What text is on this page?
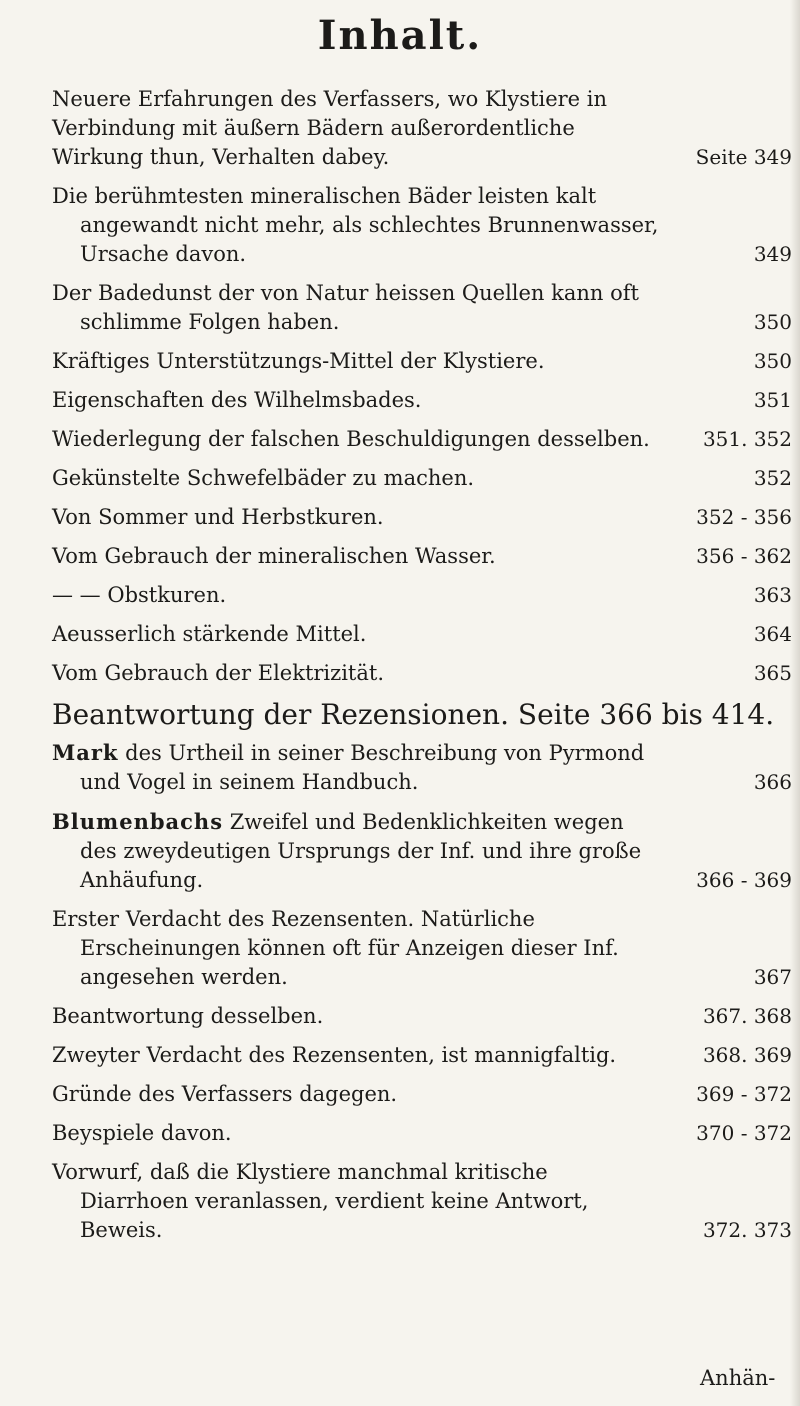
Inhalt.
Neuere Erfahrungen des Verfassers, wo Klystiere in Verbindung mit äußern Bädern außerordentliche Wirkung thun, Verhalten dabey.	Seite 349
Die berühmtesten mineralischen Bäder leisten kalt angewandt nicht mehr, als schlechtes Brunnenwasser, Ursache davon.	349
Der Badedunst der von Natur heissen Quellen kann oft schlimme Folgen haben.	350
Kräftiges Unterstützungs-Mittel der Klystiere.	350
Eigenschaften des Wilhelmsbades.	351
Wiederlegung der falschen Beschuldigungen desselben.	351. 352
Gekünstelte Schwefelbäder zu machen.	352
Von Sommer und Herbstkuren.	352 - 356
Vom Gebrauch der mineralischen Wasser.	356 - 362
— — Obstkuren.	363
Aeusserlich stärkende Mittel.	364
Vom Gebrauch der Elektrizität.	365
Beantwortung der Rezensionen. Seite 366 bis 414.
Mark des Urtheil in seiner Beschreibung von Pyrmond und Vogel in seinem Handbuch.	366
Blumenbachs Zweifel und Bedenklichkeiten wegen des zweydeutigen Ursprungs der Inf. und ihre große Anhäufung.	366 - 369
Erster Verdacht des Rezensenten. Natürliche Erscheinungen können oft für Anzeigen dieser Inf. angesehen werden.	367
Beantwortung desselben.	367. 368
Zweyter Verdacht des Rezensenten, ist mannigfaltig.	368. 369
Gründe des Verfassers dagegen.	369 - 372
Beyspiele davon.	370 - 372
Vorwurf, daß die Klystiere manchmal kritische Diarrhoen veranlassen, verdient keine Antwort, Beweis.	372. 373
Anhän-
